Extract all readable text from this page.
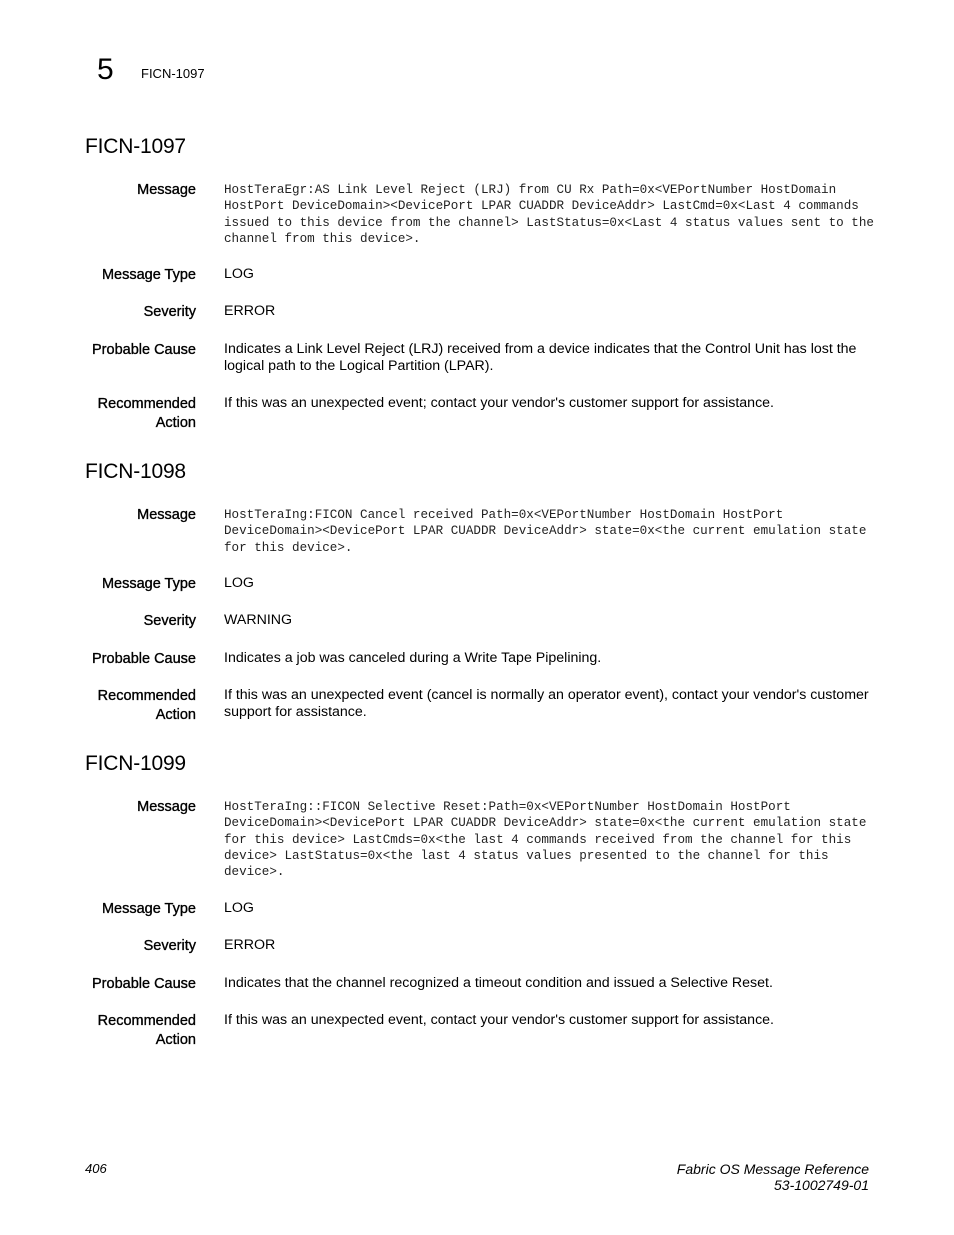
5 FICN-1097
FICN-1097
Message HostTeraEgr:AS Link Level Reject (LRJ) from CU Rx Path=0x<VEPortNumber HostDomain HostPort DeviceDomain><DevicePort LPAR CUADDR DeviceAddr> LastCmd=0x<Last 4 commands issued to this device from the channel> LastStatus=0x<Last 4 status values sent to the channel from this device>.
Message Type LOG
Severity ERROR
Probable Cause Indicates a Link Level Reject (LRJ) received from a device indicates that the Control Unit has lost the logical path to the Logical Partition (LPAR).
Recommended
Action
If this was an unexpected event; contact your vendor's customer support for assistance.
FICN-1098
Message HostTeraIng:FICON Cancel received Path=0x<VEPortNumber HostDomain HostPort DeviceDomain><DevicePort LPAR CUADDR DeviceAddr> state=0x<the current emulation state for this device>.
Message Type LOG
Severity WARNING
Probable Cause Indicates a job was canceled during a Write Tape Pipelining.
Recommended
Action
If this was an unexpected event (cancel is normally an operator event), contact your vendor's customer support for assistance.
FICN-1099
Message HostTeraIng::FICON Selective Reset:Path=0x<VEPortNumber HostDomain HostPort DeviceDomain><DevicePort LPAR CUADDR DeviceAddr> state=0x<the current emulation state for this device> LastCmds=0x<the last 4 commands received from the channel for this device> LastStatus=0x<the last 4 status values presented to the channel for this device>.
Message Type LOG
Severity ERROR
Probable Cause Indicates that the channel recognized a timeout condition and issued a Selective Reset.
Recommended
Action
If this was an unexpected event, contact your vendor's customer support for assistance.
406	Fabric OS Message Reference
53-1002749-01
